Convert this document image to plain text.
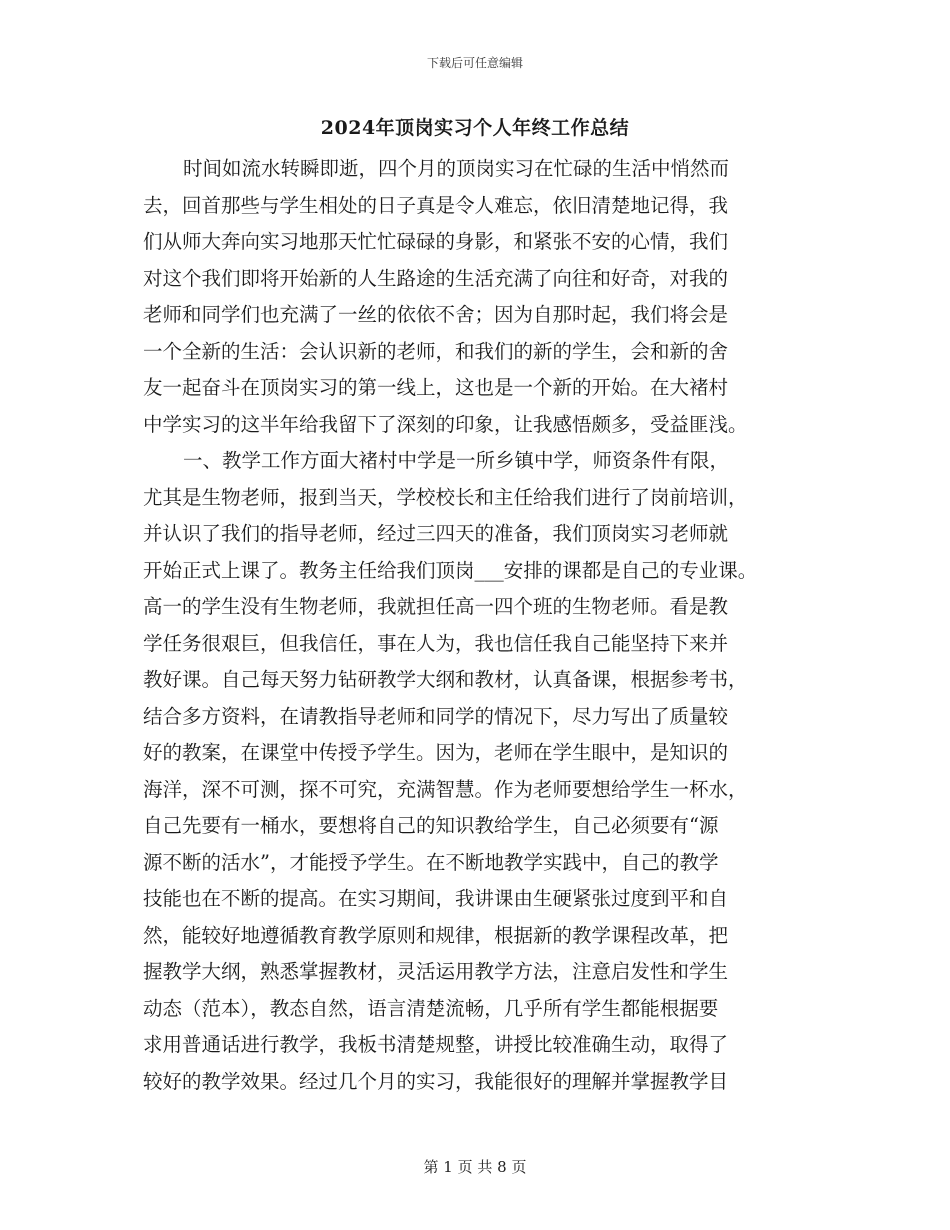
下载后可任意编辑
2024年顶岗实习个人年终工作总结
时间如流水转瞬即逝，四个月的顶岗实习在忙碌的生活中悄然而
去，回首那些与学生相处的日子真是令人难忘，依旧清楚地记得，我
们从师大奔向实习地那天忙忙碌碌的身影，和紧张不安的心情，我们
对这个我们即将开始新的人生路途的生活充满了向往和好奇，对我的
老师和同学们也充满了一丝的依依不舍；因为自那时起，我们将会是
一个全新的生活：会认识新的老师，和我们的新的学生，会和新的舍
友一起奋斗在顶岗实习的第一线上，这也是一个新的开始。在大褚村
中学实习的这半年给我留下了深刻的印象，让我感悟颇多，受益匪浅。
一、教学工作方面大褚村中学是一所乡镇中学，师资条件有限，
尤其是生物老师，报到当天，学校校长和主任给我们进行了岗前培训，
并认识了我们的指导老师，经过三四天的准备，我们顶岗实习老师就
开始正式上课了。教务主任给我们顶岗___安排的课都是自己的专业课。
高一的学生没有生物老师，我就担任高一四个班的生物老师。看是教
学任务很艰巨，但我信任，事在人为，我也信任我自己能坚持下来并
教好课。自己每天努力钻研教学大纲和教材，认真备课，根据参考书，
结合多方资料，在请教指导老师和同学的情况下，尽力写出了质量较
好的教案，在课堂中传授予学生。因为，老师在学生眼中，是知识的
海洋，深不可测，探不可究，充满智慧。作为老师要想给学生一杯水，
自己先要有一桶水，要想将自己的知识教给学生，自己必须要有“源
源不断的活水”，才能授予学生。在不断地教学实践中，自己的教学
技能也在不断的提高。在实习期间，我讲课由生硬紧张过度到平和自
然，能较好地遵循教育教学原则和规律，根据新的教学课程改革，把
握教学大纲，熟悉掌握教材，灵活运用教学方法，注意启发性和学生
动态（范本），教态自然，语言清楚流畅，几乎所有学生都能根据要
求用普通话进行教学，我板书清楚规整，讲授比较准确生动，取得了
较好的教学效果。经过几个月的实习，我能很好的理解并掌握教学目
第 1 页 共 8 页
